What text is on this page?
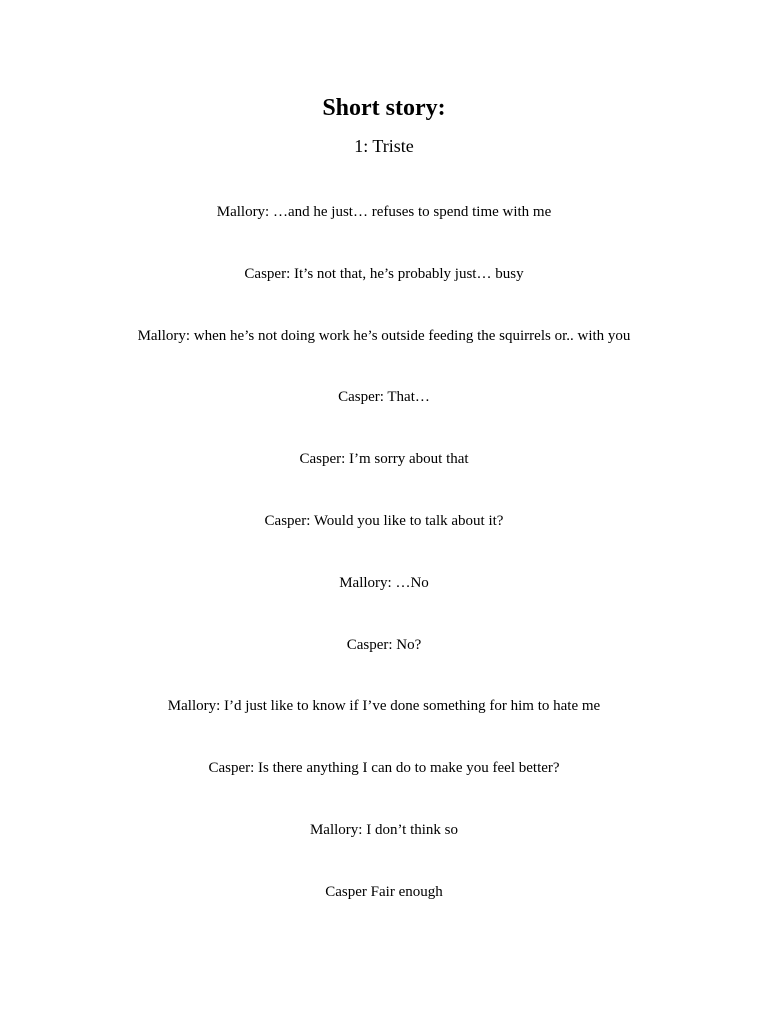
Short story:
1: Triste
Mallory: …and he just… refuses to spend time with me
Casper: It’s not that, he’s probably just… busy
Mallory: when he’s not doing work he’s outside feeding the squirrels or.. with you
Casper: That…
Casper: I’m sorry about that
Casper: Would you like to talk about it?
Mallory: …No
Casper: No?
Mallory: I’d just like to know if I’ve done something for him to hate me
Casper: Is there anything I can do to make you feel better?
Mallory: I don’t think so
Casper Fair enough
